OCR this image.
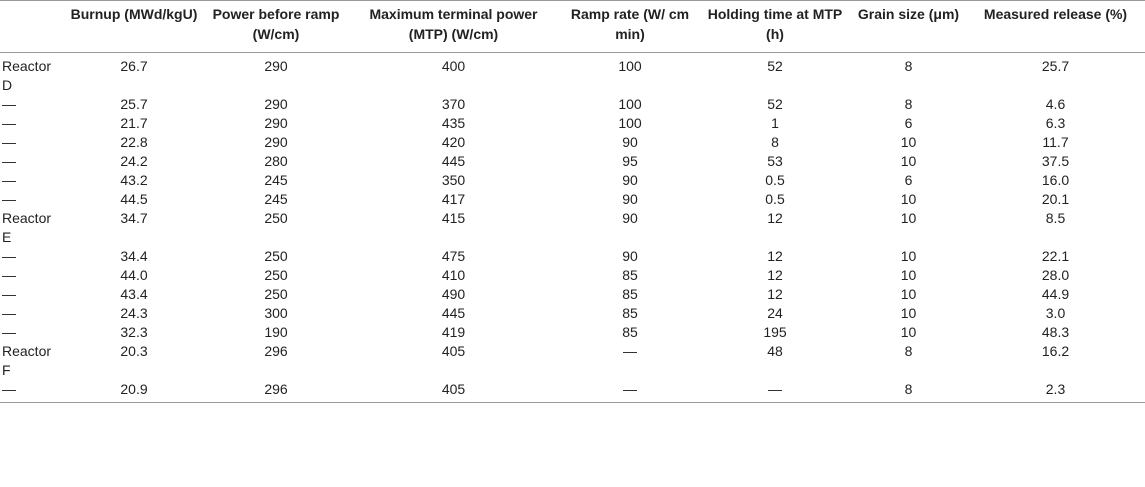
	Burnup (MWd/kgU)	Power before ramp (W/cm)	Maximum terminal power (MTP) (W/cm)	Ramp rate (W/ cm min)	Holding time at MTP (h)	Grain size (μm)	Measured release (%)
Reactor D	26.7	290	400	100	52	8	25.7
—	25.7	290	370	100	52	8	4.6
—	21.7	290	435	100	1	6	6.3
—	22.8	290	420	90	8	10	11.7
—	24.2	280	445	95	53	10	37.5
—	43.2	245	350	90	0.5	6	16.0
—	44.5	245	417	90	0.5	10	20.1
Reactor E	34.7	250	415	90	12	10	8.5
—	34.4	250	475	90	12	10	22.1
—	44.0	250	410	85	12	10	28.0
—	43.4	250	490	85	12	10	44.9
—	24.3	300	445	85	24	10	3.0
—	32.3	190	419	85	195	10	48.3
Reactor F	20.3	296	405	—	48	8	16.2
—	20.9	296	405	—	—	8	2.3
